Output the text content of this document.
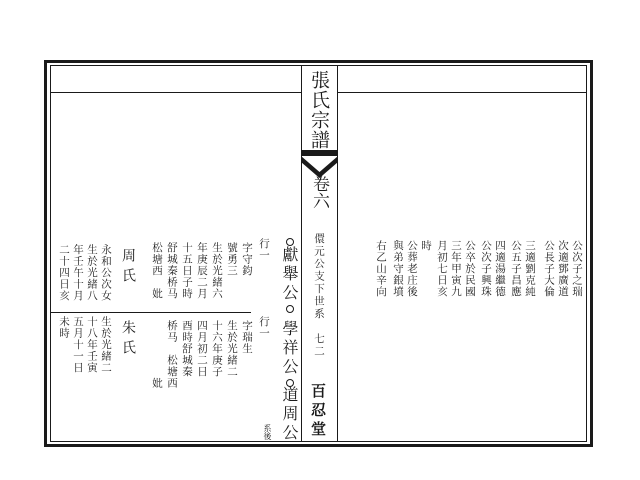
張氏宗譜
卷六
儇元公支下世系　七二
百忍堂
行一 獻舉公
字守鈞
號勇三
生於光緒六
年庚辰二月
十五日子時
舒城秦桥马
松塘西　妣
周氏
永和公次女
生於光緒八
年壬午十月
二十四日亥
行一 學祥公
字瑞生
生於光緒二
十六年庚子
四月初二日
酉時舒城秦
桥马　松塘西
　　　　　妣
朱氏
生於光緒二
十八年壬寅
五月十一日
未時
道周公
系後
公次子之瑞
次適鄧廣道
公長子大倫
三適劉克純
公五子昌應
四適湯繼德
公次子興珠
公卒於民國
三年甲寅九
月初七日亥
時
公葬老庄後
與弟守銀墳
右乙山辛向
